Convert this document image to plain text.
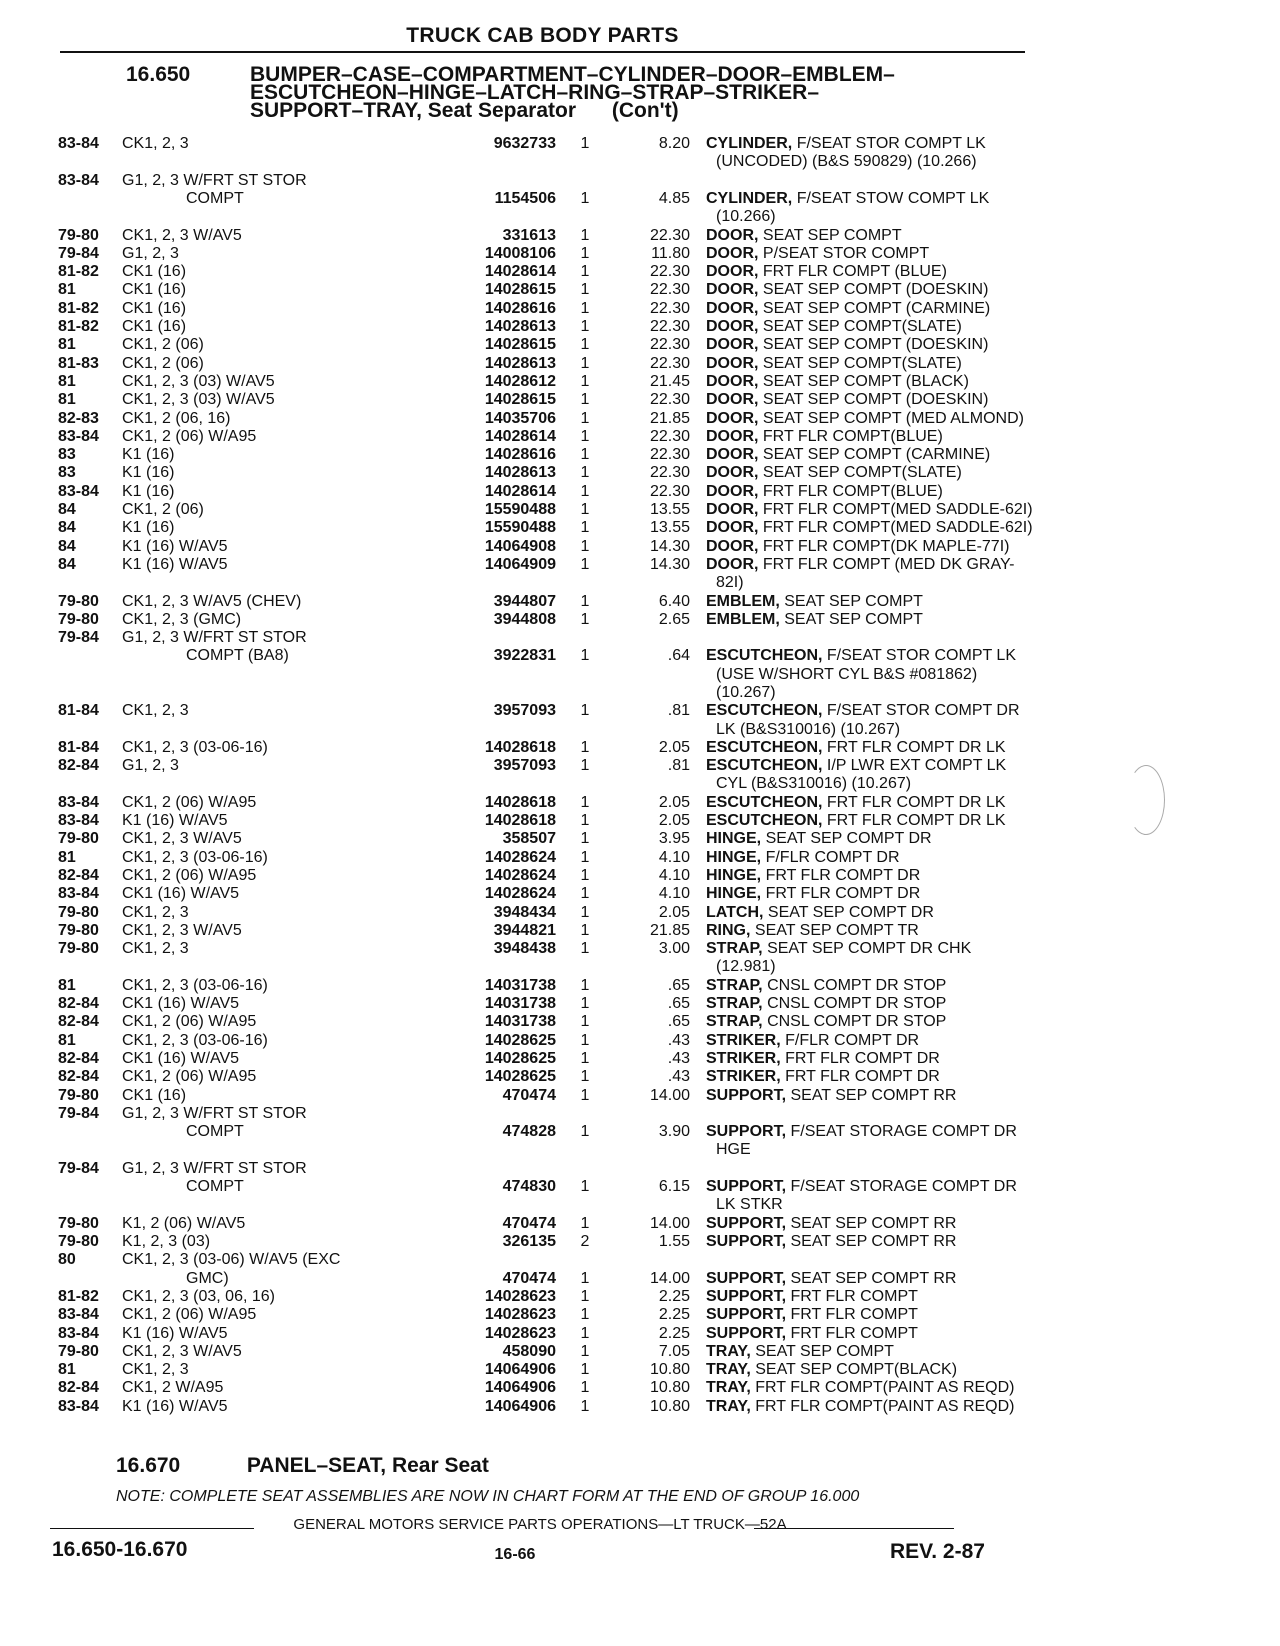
TRUCK CAB BODY PARTS
16.650	BUMPER–CASE–COMPARTMENT–CYLINDER–DOOR–EMBLEM–
ESCUTCHEON–HINGE–LATCH–RING–STRAP–STRIKER–
SUPPORT–TRAY, Seat Separator (Con't)
83-84	CK1, 2, 3	9632733	1	8.20 CYLINDER, F/SEAT STOR COMPT LK
(UNCODED) (B&S 590829) (10.266)
83-84	G1, 2, 3 W/FRT ST STOR
COMPT	1154506	1	4.85 CYLINDER, F/SEAT STOW COMPT LK
(10.266)
79-80	CK1, 2, 3 W/AV5	331613	1	22.30 DOOR, SEAT SEP COMPT
79-84	G1, 2, 3	14008106	1	11.80 DOOR, P/SEAT STOR COMPT
81-82	CK1 (16)	14028614	1	22.30 DOOR, FRT FLR COMPT (BLUE)
81	CK1 (16)	14028615	1	22.30 DOOR, SEAT SEP COMPT (DOESKIN)
81-82	CK1 (16)	14028616	1	22.30 DOOR, SEAT SEP COMPT (CARMINE)
81-82	CK1 (16)	14028613	1	22.30 DOOR, SEAT SEP COMPT(SLATE)
81	CK1, 2 (06)	14028615	1	22.30 DOOR, SEAT SEP COMPT (DOESKIN)
81-83	CK1, 2 (06)	14028613	1	22.30 DOOR, SEAT SEP COMPT(SLATE)
81	CK1, 2, 3 (03) W/AV5	14028612	1	21.45 DOOR, SEAT SEP COMPT (BLACK)
81	CK1, 2, 3 (03) W/AV5	14028615	1	22.30 DOOR, SEAT SEP COMPT (DOESKIN)
82-83	CK1, 2 (06, 16)	14035706	1	21.85 DOOR, SEAT SEP COMPT (MED ALMOND)
83-84	CK1, 2 (06) W/A95	14028614	1	22.30 DOOR, FRT FLR COMPT(BLUE)
83	K1 (16)	14028616	1	22.30 DOOR, SEAT SEP COMPT (CARMINE)
83	K1 (16)	14028613	1	22.30 DOOR, SEAT SEP COMPT(SLATE)
83-84	K1 (16)	14028614	1	22.30 DOOR, FRT FLR COMPT(BLUE)
84	CK1, 2 (06)	15590488	1	13.55 DOOR, FRT FLR COMPT(MED SADDLE-62I)
84	K1 (16)	15590488	1	13.55 DOOR, FRT FLR COMPT(MED SADDLE-62I)
84	K1 (16) W/AV5	14064908	1	14.30 DOOR, FRT FLR COMPT(DK MAPLE-77I)
84	K1 (16) W/AV5	14064909	1	14.30 DOOR, FRT FLR COMPT (MED DK GRAY-
82I)
79-80	CK1, 2, 3 W/AV5 (CHEV)	3944807	1	6.40 EMBLEM, SEAT SEP COMPT
79-80	CK1, 2, 3 (GMC)	3944808	1	2.65 EMBLEM, SEAT SEP COMPT
79-84	G1, 2, 3 W/FRT ST STOR
COMPT (BA8)	3922831	1	.64 ESCUTCHEON, F/SEAT STOR COMPT LK
(USE W/SHORT CYL B&S #081862)
(10.267)
81-84	CK1, 2, 3	3957093	1	.81 ESCUTCHEON, F/SEAT STOR COMPT DR
LK (B&S310016) (10.267)
81-84	CK1, 2, 3 (03-06-16)	14028618	1	2.05 ESCUTCHEON, FRT FLR COMPT DR LK
82-84	G1, 2, 3	3957093	1	.81 ESCUTCHEON, I/P LWR EXT COMPT LK
CYL (B&S310016) (10.267)
83-84	CK1, 2 (06) W/A95	14028618	1	2.05 ESCUTCHEON, FRT FLR COMPT DR LK
83-84	K1 (16) W/AV5	14028618	1	2.05 ESCUTCHEON, FRT FLR COMPT DR LK
79-80	CK1, 2, 3 W/AV5	358507	1	3.95 HINGE, SEAT SEP COMPT DR
81	CK1, 2, 3 (03-06-16)	14028624	1	4.10 HINGE, F/FLR COMPT DR
82-84	CK1, 2 (06) W/A95	14028624	1	4.10 HINGE, FRT FLR COMPT DR
83-84	CK1 (16) W/AV5	14028624	1	4.10 HINGE, FRT FLR COMPT DR
79-80	CK1, 2, 3	3948434	1	2.05 LATCH, SEAT SEP COMPT DR
79-80	CK1, 2, 3 W/AV5	3944821	1	21.85 RING, SEAT SEP COMPT TR
79-80	CK1, 2, 3	3948438	1	3.00 STRAP, SEAT SEP COMPT DR CHK
(12.981)
81	CK1, 2, 3 (03-06-16)	14031738	1	.65 STRAP, CNSL COMPT DR STOP
82-84	CK1 (16) W/AV5	14031738	1	.65 STRAP, CNSL COMPT DR STOP
82-84	CK1, 2 (06) W/A95	14031738	1	.65 STRAP, CNSL COMPT DR STOP
81	CK1, 2, 3 (03-06-16)	14028625	1	.43 STRIKER, F/FLR COMPT DR
82-84	CK1 (16) W/AV5	14028625	1	.43 STRIKER, FRT FLR COMPT DR
82-84	CK1, 2 (06) W/A95	14028625	1	.43 STRIKER, FRT FLR COMPT DR
79-80	CK1 (16)	470474	1	14.00 SUPPORT, SEAT SEP COMPT RR
79-84	G1, 2, 3 W/FRT ST STOR
COMPT	474828	1	3.90 SUPPORT, F/SEAT STORAGE COMPT DR
HGE
79-84	G1, 2, 3 W/FRT ST STOR
COMPT	474830	1	6.15 SUPPORT, F/SEAT STORAGE COMPT DR
LK STKR
79-80	K1, 2 (06) W/AV5	470474	1	14.00 SUPPORT, SEAT SEP COMPT RR
79-80	K1, 2, 3 (03)	326135	2	1.55 SUPPORT, SEAT SEP COMPT RR
80	CK1, 2, 3 (03-06) W/AV5 (EXC
GMC)	470474	1	14.00 SUPPORT, SEAT SEP COMPT RR
81-82	CK1, 2, 3 (03, 06, 16)	14028623	1	2.25 SUPPORT, FRT FLR COMPT
83-84	CK1, 2 (06) W/A95	14028623	1	2.25 SUPPORT, FRT FLR COMPT
83-84	K1 (16) W/AV5	14028623	1	2.25 SUPPORT, FRT FLR COMPT
79-80	CK1, 2, 3 W/AV5	458090	1	7.05 TRAY, SEAT SEP COMPT
81	CK1, 2, 3	14064906	1	10.80 TRAY, SEAT SEP COMPT(BLACK)
82-84	CK1, 2 W/A95	14064906	1	10.80 TRAY, FRT FLR COMPT(PAINT AS REQD)
83-84	K1 (16) W/AV5	14064906	1	10.80 TRAY, FRT FLR COMPT(PAINT AS REQD)
16.670	PANEL–SEAT, Rear Seat
NOTE: COMPLETE SEAT ASSEMBLIES ARE NOW IN CHART FORM AT THE END OF GROUP 16.000
GENERAL MOTORS SERVICE PARTS OPERATIONS—LT TRUCK—52A
16.650-16.670	16-66	REV. 2-87
